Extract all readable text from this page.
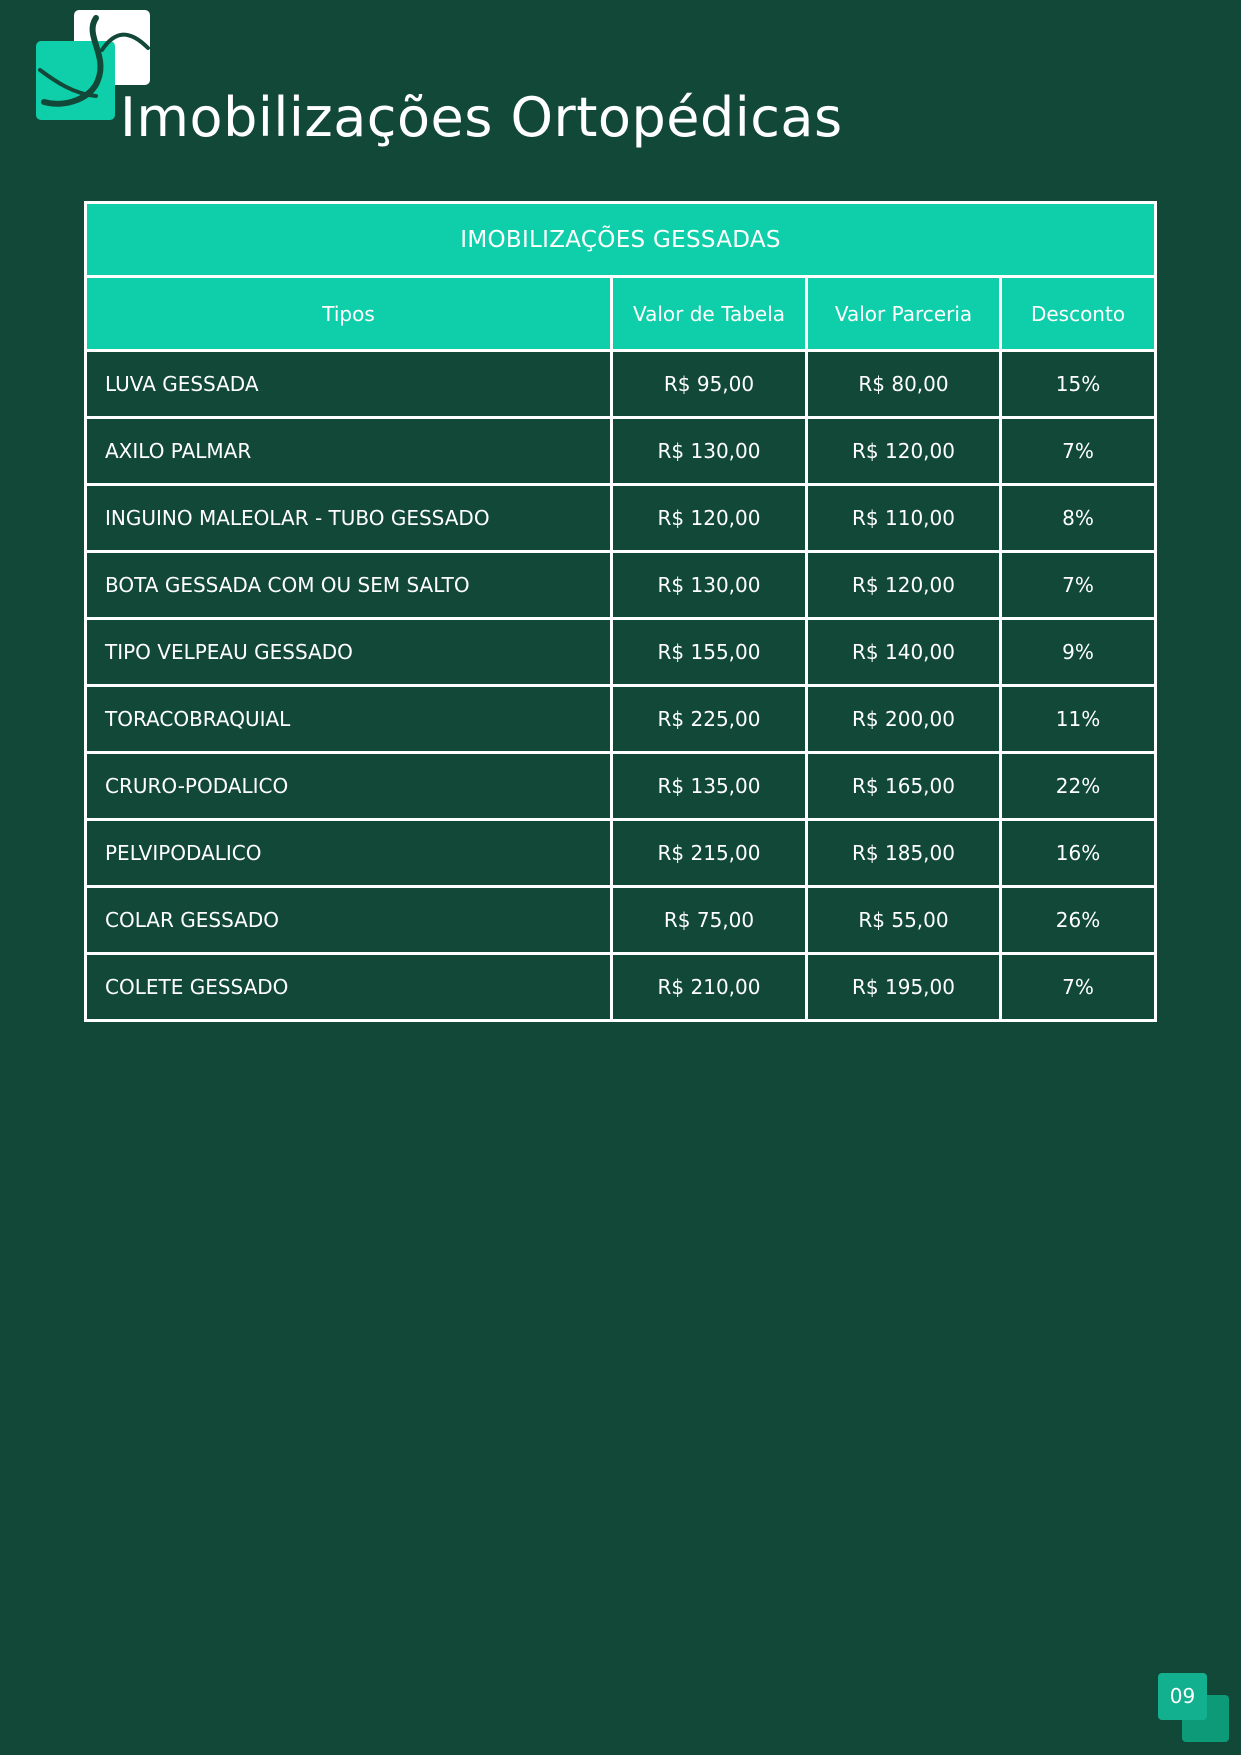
Imobilizações Ortopédicas
IMOBILIZAÇÕES GESSADAS			
Tipos	Valor de Tabela	Valor Parceria	Desconto
LUVA GESSADA	R$ 95,00	R$ 80,00	15%
AXILO PALMAR	R$ 130,00	R$ 120,00	7%
INGUINO MALEOLAR - TUBO GESSADO	R$ 120,00	R$ 110,00	8%
BOTA GESSADA COM OU SEM SALTO	R$ 130,00	R$ 120,00	7%
TIPO VELPEAU GESSADO	R$ 155,00	R$ 140,00	9%
TORACOBRAQUIAL	R$ 225,00	R$ 200,00	11%
CRURO-PODALICO	R$ 135,00	R$ 165,00	22%
PELVIPODALICO	R$ 215,00	R$ 185,00	16%
COLAR GESSADO	R$ 75,00	R$ 55,00	26%
COLETE GESSADO	R$ 210,00	R$ 195,00	7%
09
